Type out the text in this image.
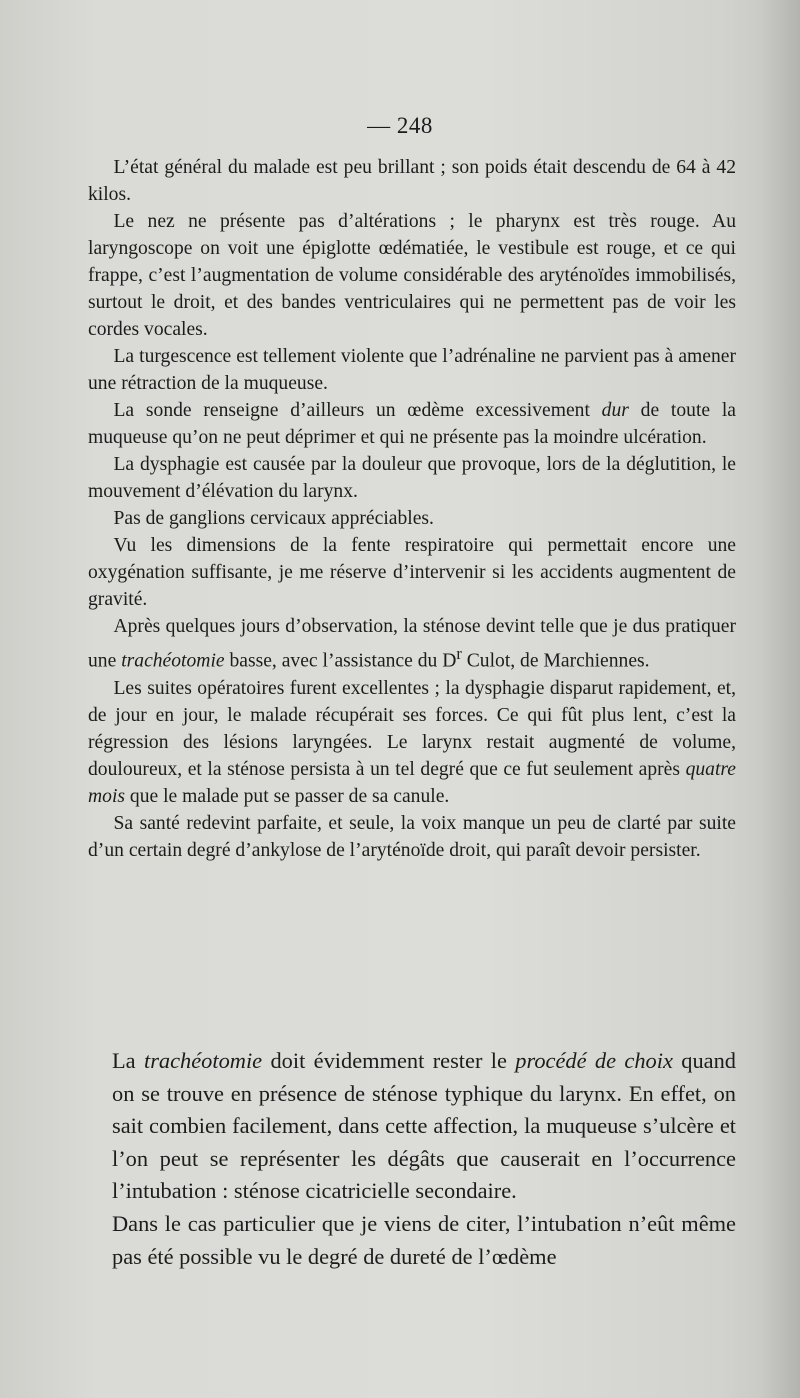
— 248

L’état général du malade est peu brillant ; son poids était descendu de 64 à 42 kilos.

Le nez ne présente pas d’altérations ; le pharynx est très rouge. Au laryngoscope on voit une épiglotte œdématiée, le vestibule est rouge, et ce qui frappe, c’est l’augmentation de volume considérable des aryténoïdes immobilisés, surtout le droit, et des bandes ventriculaires qui ne permettent pas de voir les cordes vocales.

La turgescence est tellement violente que l’adrénaline ne parvient pas à amener une rétraction de la muqueuse.

La sonde renseigne d’ailleurs un œdème excessivement dur de toute la muqueuse qu’on ne peut déprimer et qui ne présente pas la moindre ulcération.

La dysphagie est causée par la douleur que provoque, lors de la déglutition, le mouvement d’élévation du larynx.

Pas de ganglions cervicaux appréciables.

Vu les dimensions de la fente respiratoire qui permettait encore une oxygénation suffisante, je me réserve d’intervenir si les accidents augmentent de gravité.

Après quelques jours d’observation, la sténose devint telle que je dus pratiquer une trachéotomie basse, avec l’assistance du $D^r$ Culot, de Marchiennes.

Les suites opératoires furent excellentes ; la dysphagie disparut rapidement, et, de jour en jour, le malade récupérait ses forces. Ce qui fût plus lent, c’est la régression des lésions laryngées. Le larynx restait augmenté de volume, douloureux, et la sténose persista à un tel degré que ce fut seulement après quatre mois que le malade put se passer de sa canule.

Sa santé redevint parfaite, et seule, la voix manque un peu de clarté par suite d’un certain degré d’ankylose de l’aryténoïde droit, qui paraît devoir persister.

La trachéotomie doit évidemment rester le procédé de choix quand on se trouve en présence de sténose typhique du larynx. En effet, on sait combien facilement, dans cette affection, la muqueuse s’ulcère et l’on peut se représenter les dégâts que causerait en l’occurrence l’intubation : sténose cicatricielle secondaire.

Dans le cas particulier que je viens de citer, l’intubation n’eût même pas été possible vu le degré de dureté de l’œdème
